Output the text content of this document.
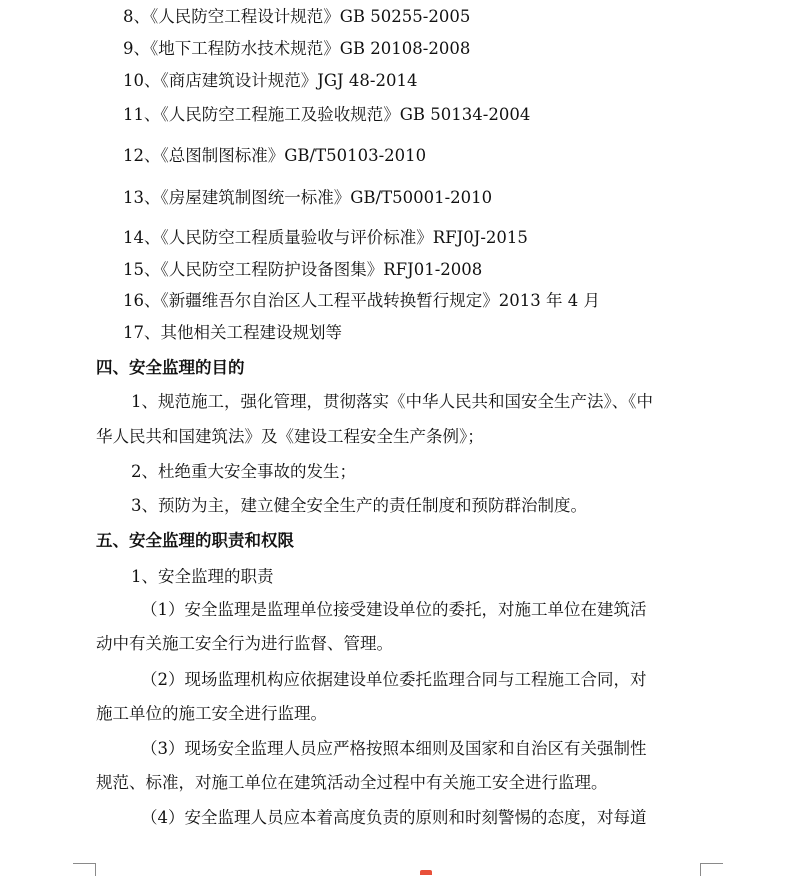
8、《人民防空工程设计规范》GB 50255-2005
9、《地下工程防水技术规范》GB 20108-2008
10、《商店建筑设计规范》JGJ 48-2014
11、《人民防空工程施工及验收规范》GB 50134-2004
12、《总图制图标准》GB/T50103-2010
13、《房屋建筑制图统一标准》GB/T50001-2010
14、《人民防空工程质量验收与评价标准》RFJ0J-2015
15、《人民防空工程防护设备图集》RFJ01-2008
16、《新疆维吾尔自治区人工程平战转换暂行规定》2013 年 4 月
17、其他相关工程建设规划等
四、安全监理的目的
1、规范施工，强化管理，贯彻落实《中华人民共和国安全生产法》、《中
华人民共和国建筑法》及《建设工程安全生产条例》；
2、杜绝重大安全事故的发生；
3、预防为主，建立健全安全生产的责任制度和预防群治制度。
五、安全监理的职责和权限
1、安全监理的职责
（1）安全监理是监理单位接受建设单位的委托，对施工单位在建筑活
动中有关施工安全行为进行监督、管理。
（2）现场监理机构应依据建设单位委托监理合同与工程施工合同，对
施工单位的施工安全进行监理。
（3）现场安全监理人员应严格按照本细则及国家和自治区有关强制性
规范、标准，对施工单位在建筑活动全过程中有关施工安全进行监理。
（4）安全监理人员应本着高度负责的原则和时刻警惕的态度，对每道
